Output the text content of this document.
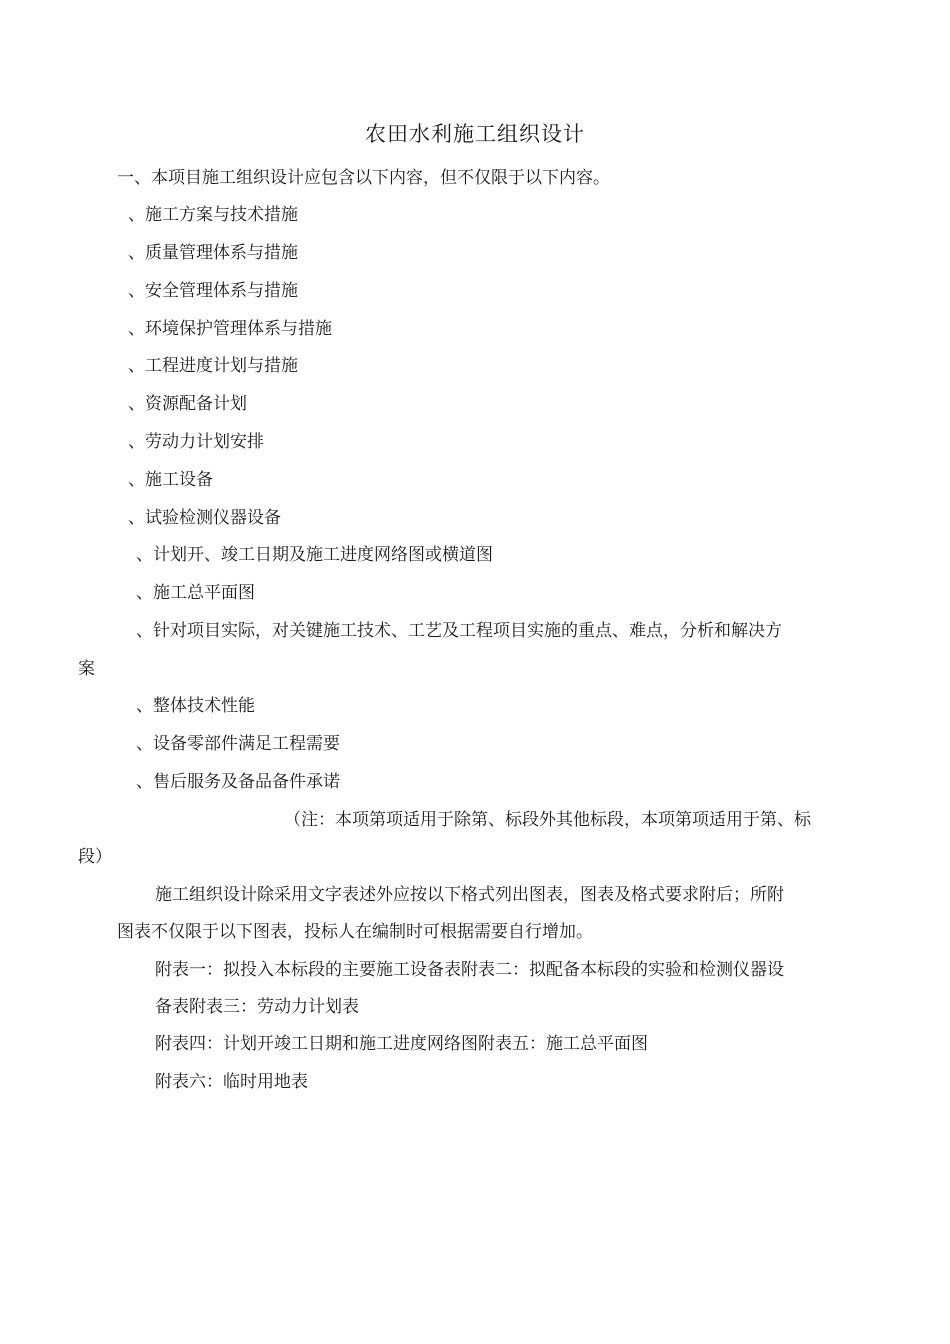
农田水利施工组织设计
一、本项目施工组织设计应包含以下内容，但不仅限于以下内容。
、施工方案与技术措施
、质量管理体系与措施
、安全管理体系与措施
、环境保护管理体系与措施
、工程进度计划与措施
、资源配备计划
、劳动力计划安排
、施工设备
、试验检测仪器设备
、计划开、竣工日期及施工进度网络图或横道图
、施工总平面图
、针对项目实际，对关键施工技术、工艺及工程项目实施的重点、难点，分析和解决方
案
、整体技术性能
、设备零部件满足工程需要
、售后服务及备品备件承诺
（注：本项第项适用于除第、标段外其他标段，本项第项适用于第、标
段）
施工组织设计除采用文字表述外应按以下格式列出图表，图表及格式要求附后；所附
图表不仅限于以下图表，投标人在编制时可根据需要自行增加。
附表一：拟投入本标段的主要施工设备表附表二：拟配备本标段的实验和检测仪器设
备表附表三：劳动力计划表
附表四：计划开竣工日期和施工进度网络图附表五：施工总平面图
附表六：临时用地表
